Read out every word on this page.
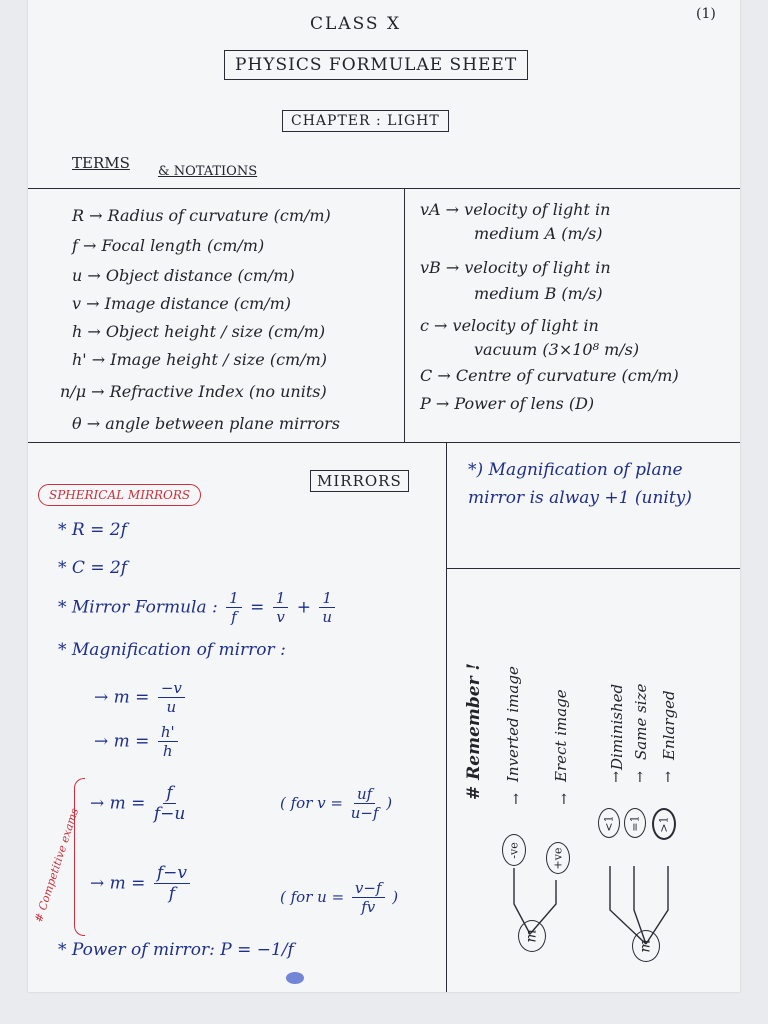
(1)
CLASS X
PHYSICS FORMULAE SHEET
CHAPTER : LIGHT
TERMS & NOTATIONS
R → Radius of curvature (cm/m)
f → Focal length (cm/m)
u → Object distance (cm/m)
v → Image distance (cm/m)
h → Object height / size (cm/m)
h' → Image height / size (cm/m)
n/μ → Refractive Index (no units)
θ → angle between plane mirrors
vA → velocity of light in
medium A (m/s)
vB → velocity of light in
medium B (m/s)
c → velocity of light in
vacuum (3×10⁸ m/s)
C → Centre of curvature (cm/m)
P → Power of lens (D)
MIRRORS
SPHERICAL MIRRORS
* R = 2f
* C = 2f
* Mirror Formula : $\frac{1}{f} = \frac{1}{v} + \frac{1}{u}$
* Magnification of mirror :
→ $m = \frac{-v}{u}$
→ $m = \frac{h'}{h}$
# Competitive exams
→ $m = \frac{f}{f-u}$	( for $v = \frac{uf}{u-f}$ )
→ $m = \frac{f-v}{f}$	( for $u = \frac{v-f}{fv}$ )
* Power of mirror: P = −1/f
*) Magnification of plane mirror is alway +1 (unity)
# Remember ! Inverted image Erect image	Diminished Same size Enlarged
↑	↑
↑ ↑ ↑
-ve	+ve
<1 =1 >1
m
m
